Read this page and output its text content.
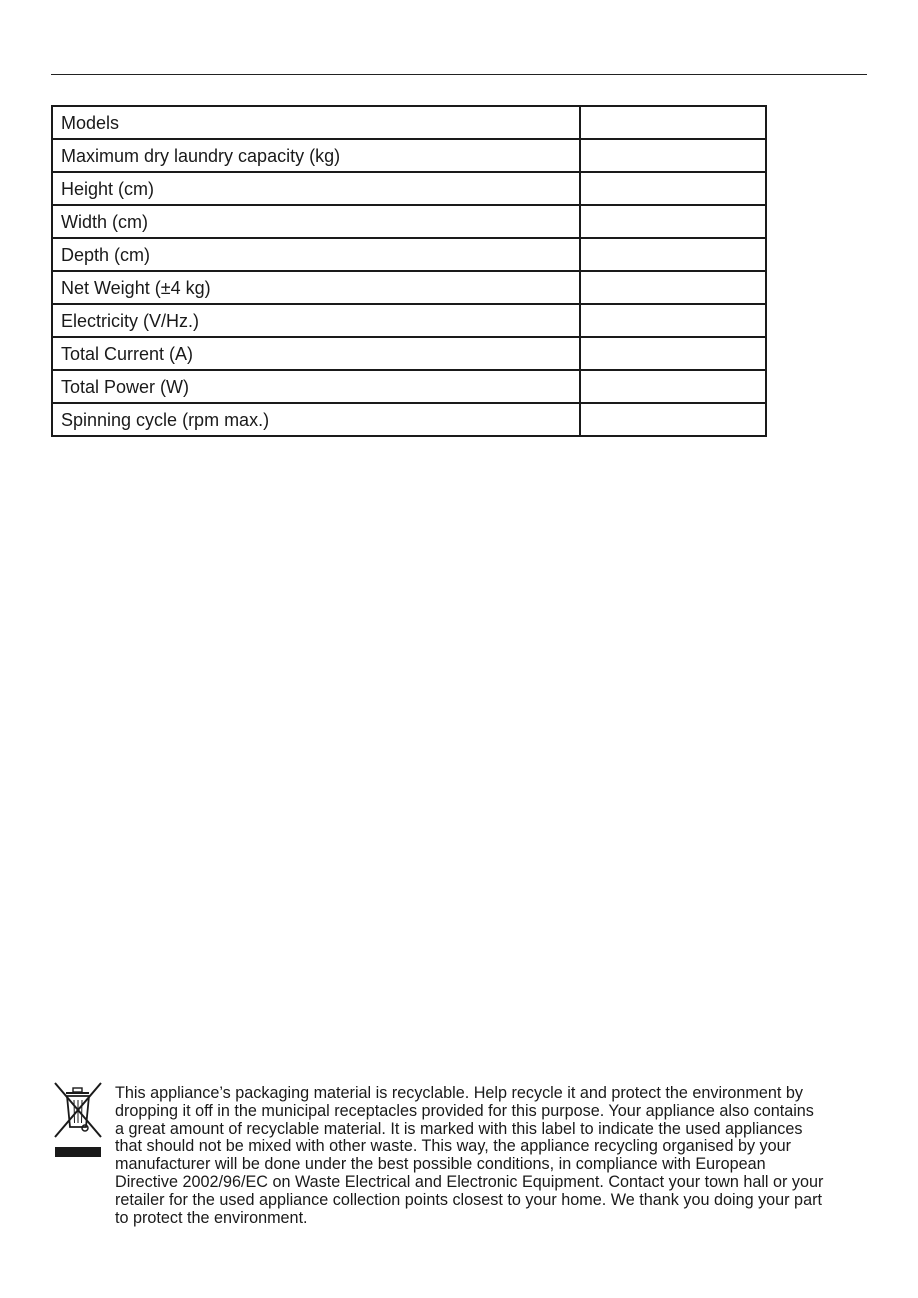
Models	
Maximum dry laundry capacity (kg)	
Height (cm)	
Width (cm)	
Depth (cm)	
Net Weight (±4 kg)	
Electricity (V/Hz.)	
Total Current (A)	
Total Power (W)	
Spinning cycle (rpm max.)	

This appliance’s packaging material is recyclable. Help recycle it and protect the environment by
dropping it off in the municipal receptacles provided for this purpose. Your appliance also contains
a great amount of recyclable material. It is marked with this label to indicate the used appliances
that should not be mixed with other waste. This way, the appliance recycling organised by your
manufacturer will be done under the best possible conditions, in compliance with European
Directive 2002/96/EC on Waste Electrical and Electronic Equipment. Contact your town hall or your
retailer for the used appliance collection points closest to your home. We thank you doing your part
to protect the environment.
